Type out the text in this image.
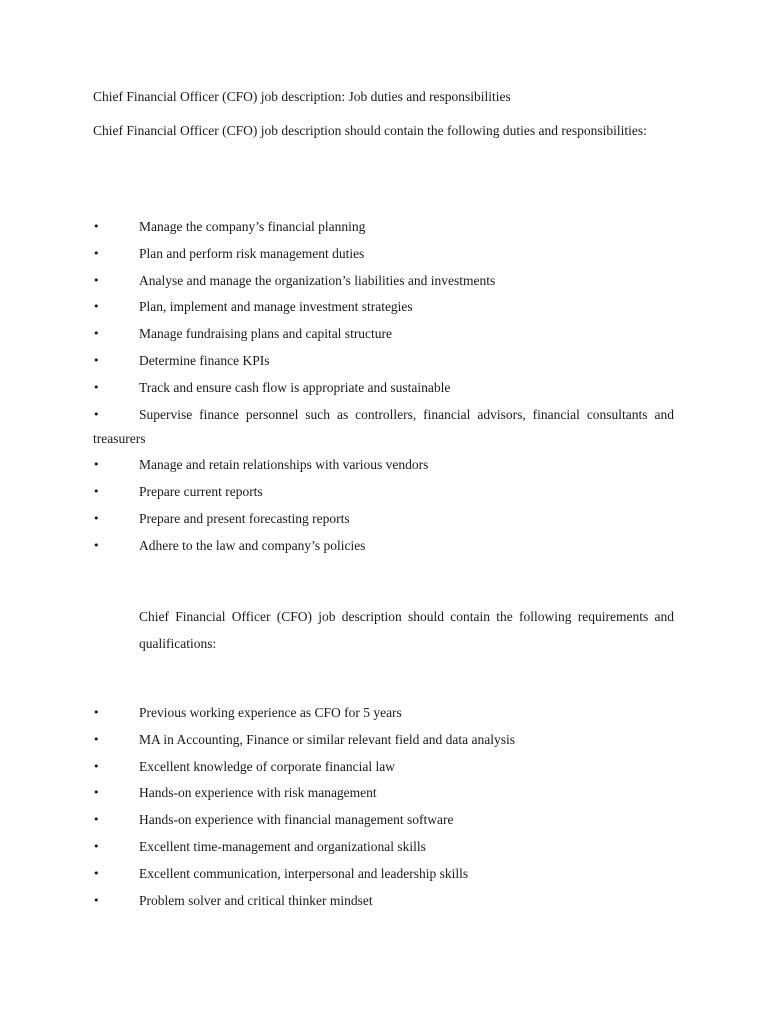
Chief Financial Officer (CFO) job description: Job duties and responsibilities
Chief Financial Officer (CFO) job description should contain the following duties and responsibilities:
•	Manage the company’s financial planning
•	Plan and perform risk management duties
•	Analyse and manage the organization’s liabilities and investments
•	Plan, implement and manage investment strategies
•	Manage fundraising plans and capital structure
•	Determine finance KPIs
•	Track and ensure cash flow is appropriate and sustainable
•	Supervise finance personnel such as controllers, financial advisors, financial consultants and treasurers
•	Manage and retain relationships with various vendors
•	Prepare current reports
•	Prepare and present forecasting reports
•	Adhere to the law and company’s policies
Chief Financial Officer (CFO) job description should contain the following requirements and qualifications:
•	Previous working experience as CFO for 5 years
•	MA in Accounting, Finance or similar relevant field and data analysis
•	Excellent knowledge of corporate financial law
•	Hands-on experience with risk management
•	Hands-on experience with financial management software
•	Excellent time-management and organizational skills
•	Excellent communication, interpersonal and leadership skills
•	Problem solver and critical thinker mindset
